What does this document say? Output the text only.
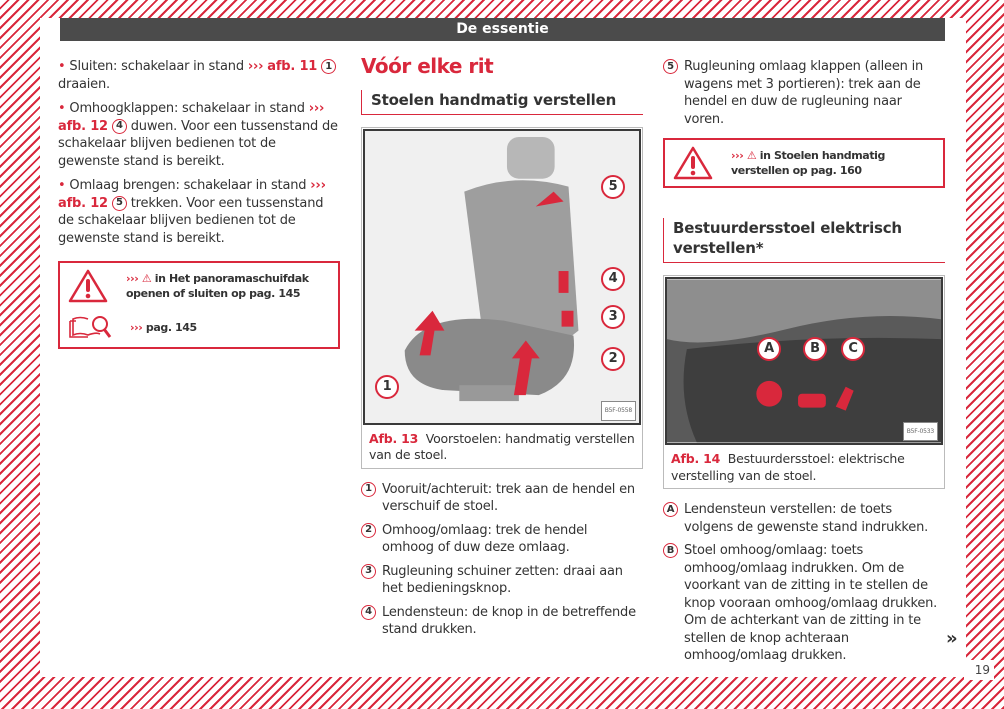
19
De essentie
• Sluiten: schakelaar in stand ››› afb. 11 1 draaien.
• Omhoogklappen: schakelaar in stand ››› afb. 12 4 duwen. Voor een tussenstand de schakelaar blijven bedienen tot de gewenste stand is bereikt.
• Omlaag brengen: schakelaar in stand ››› afb. 12 5 trekken. Voor een tussenstand de schakelaar blijven bedienen tot de gewenste stand is bereikt.
››› ⚠ in Het panoramaschuifdak openen of sluiten op pag. 145
››› pag. 145
Vóór elke rit
Stoelen handmatig verstellen
1
2
3
4
5
B5F-0558
Afb. 13 Voorstoelen: handmatig verstellen van de stoel.
1 Vooruit/achteruit: trek aan de hendel en verschuif de stoel.
2 Omhoog/omlaag: trek de hendel omhoog of duw deze omlaag.
3 Rugleuning schuiner zetten: draai aan het bedieningsknop.
4 Lendensteun: de knop in de betreffende stand drukken.
5 Rugleuning omlaag klappen (alleen in wagens met 3 portieren): trek aan de hendel en duw de rugleuning naar voren.
››› ⚠ in Stoelen handmatig verstellen op pag. 160
Bestuurdersstoel elektrisch verstellen*
A	B	C
B5F-0533
Afb. 14 Bestuurdersstoel: elektrische verstelling van de stoel.
A Lendensteun verstellen: de toets volgens de gewenste stand indrukken.
B Stoel omhoog/omlaag: toets omhoog/omlaag indrukken. Om de voorkant van de zitting in te stellen de knop vooraan omhoog/omlaag drukken. Om de achterkant van de zitting in te stellen de knop achteraan omhoog/omlaag drukken.
»
